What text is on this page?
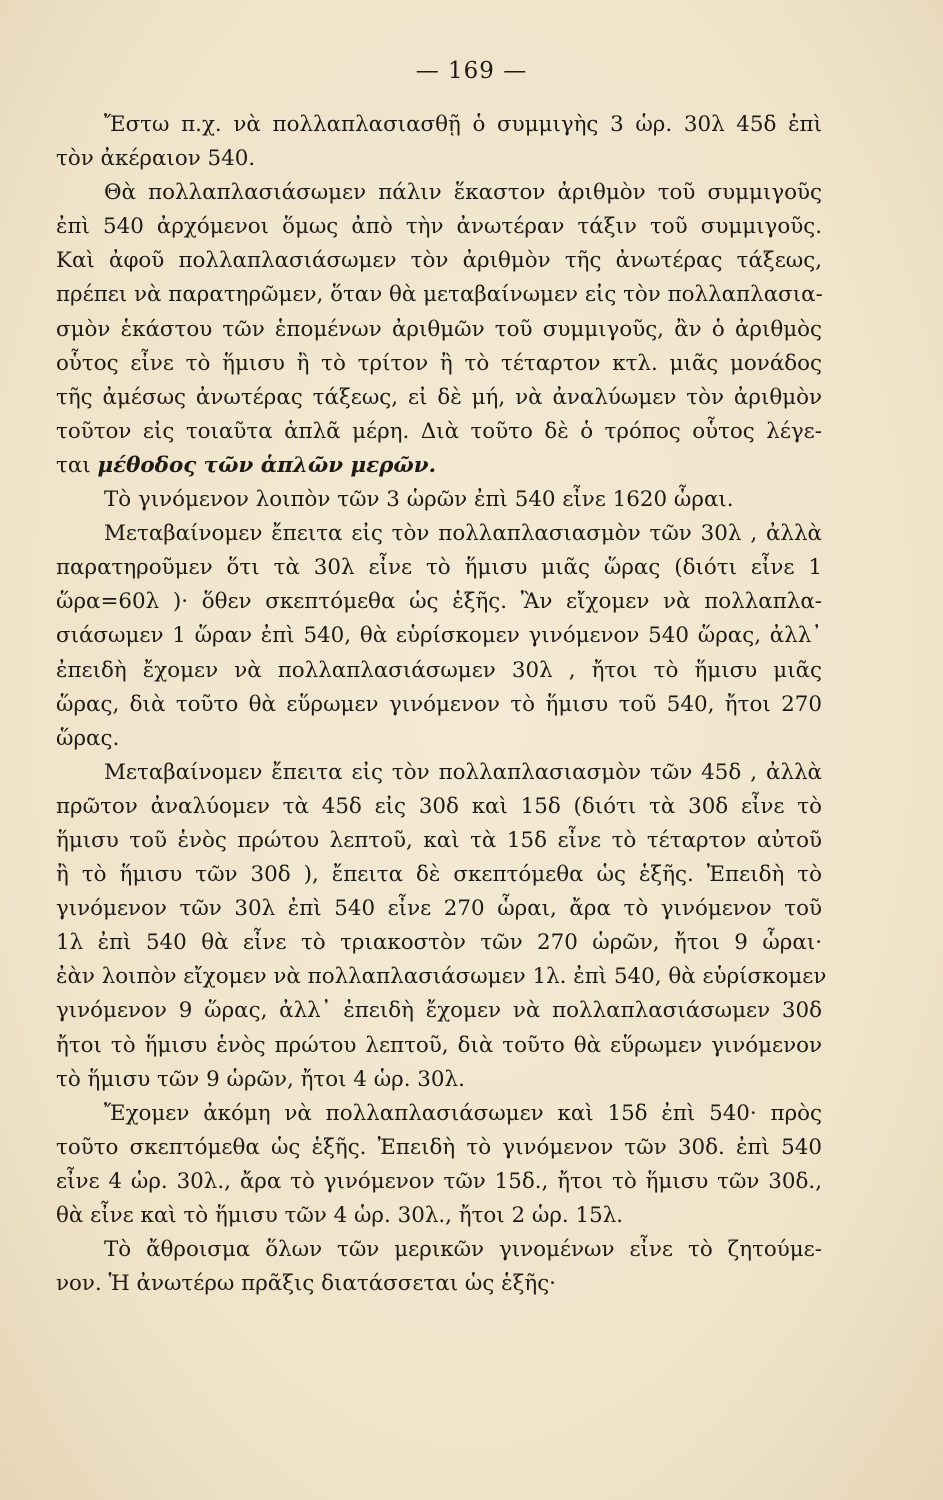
— 169 —
Ἔστω π.χ. νὰ πολλαπλασιασθῇ ὁ συμμιγὴς 3 ὡρ. 30λ 45δ ἐπὶ
τὸν ἀκέραιον 540.
Θὰ πολλαπλασιάσωμεν πάλιν ἕκαστον ἀριθμὸν τοῦ συμμιγοῦς
ἐπὶ 540 ἀρχόμενοι ὅμως ἀπὸ τὴν ἀνωτέραν τάξιν τοῦ συμμιγοῦς.
Καὶ ἀφοῦ πολλαπλασιάσωμεν τὸν ἀριθμὸν τῆς ἀνωτέρας τάξεως,
πρέπει νὰ παρατηρῶμεν, ὅταν θὰ μεταβαίνωμεν εἰς τὸν πολλαπλασια-
σμὸν ἑκάστου τῶν ἑπομένων ἀριθμῶν τοῦ συμμιγοῦς, ἂν ὁ ἀριθμὸς
οὗτος εἶνε τὸ ἥμισυ ἢ τὸ τρίτον ἢ τὸ τέταρτον κτλ. μιᾶς μονάδος
τῆς ἀμέσως ἀνωτέρας τάξεως, εἰ δὲ μή, νὰ ἀναλύωμεν τὸν ἀριθμὸν
τοῦτον εἰς τοιαῦτα ἁπλᾶ μέρη. Διὰ τοῦτο δὲ ὁ τρόπος οὗτος λέγε-
ται μέθοδος τῶν ἁπλῶν μερῶν.
Τὸ γινόμενον λοιπὸν τῶν 3 ὡρῶν ἐπὶ 540 εἶνε 1620 ὧραι.
Μεταβαίνομεν ἔπειτα εἰς τὸν πολλαπλασιασμὸν τῶν 30λ , ἀλλὰ
παρατηροῦμεν ὅτι τὰ 30λ εἶνε τὸ ἥμισυ μιᾶς ὥρας (διότι εἶνε 1
ὥρα=60λ )· ὅθεν σκεπτόμεθα ὡς ἑξῆς. Ἂν εἴχομεν νὰ πολλαπλα-
σιάσωμεν 1 ὥραν ἐπὶ 540, θὰ εὑρίσκομεν γινόμενον 540 ὥρας, ἀλλ᾽
ἐπειδὴ ἔχομεν νὰ πολλαπλασιάσωμεν 30λ , ἤτοι τὸ ἥμισυ μιᾶς
ὥρας, διὰ τοῦτο θὰ εὕρωμεν γινόμενον τὸ ἥμισυ τοῦ 540, ἤτοι 270
ὥρας.
Μεταβαίνομεν ἔπειτα εἰς τὸν πολλαπλασιασμὸν τῶν 45δ , ἀλλὰ
πρῶτον ἀναλύομεν τὰ 45δ εἰς 30δ καὶ 15δ (διότι τὰ 30δ εἶνε τὸ
ἥμισυ τοῦ ἑνὸς πρώτου λεπτοῦ, καὶ τὰ 15δ εἶνε τὸ τέταρτον αὐτοῦ
ἢ τὸ ἥμισυ τῶν 30δ ), ἔπειτα δὲ σκεπτόμεθα ὡς ἑξῆς. Ἐπειδὴ τὸ
γινόμενον τῶν 30λ ἐπὶ 540 εἶνε 270 ὧραι, ἄρα τὸ γινόμενον τοῦ
1λ ἐπὶ 540 θὰ εἶνε τὸ τριακοστὸν τῶν 270 ὡρῶν, ἤτοι 9 ὧραι·
ἐὰν λοιπὸν εἴχομεν νὰ πολλαπλασιάσωμεν 1λ. ἐπὶ 540, θὰ εὑρίσκομεν
γινόμενον 9 ὥρας, ἀλλ᾽ ἐπειδὴ ἔχομεν νὰ πολλαπλασιάσωμεν 30δ
ἤτοι τὸ ἥμισυ ἑνὸς πρώτου λεπτοῦ, διὰ τοῦτο θὰ εὕρωμεν γινόμενον
τὸ ἥμισυ τῶν 9 ὡρῶν, ἤτοι 4 ὡρ. 30λ.
Ἔχομεν ἀκόμη νὰ πολλαπλασιάσωμεν καὶ 15δ ἐπὶ 540· πρὸς
τοῦτο σκεπτόμεθα ὡς ἑξῆς. Ἐπειδὴ τὸ γινόμενον τῶν 30δ. ἐπὶ 540
εἶνε 4 ὡρ. 30λ., ἄρα τὸ γινόμενον τῶν 15δ., ἤτοι τὸ ἥμισυ τῶν 30δ.,
θὰ εἶνε καὶ τὸ ἥμισυ τῶν 4 ὡρ. 30λ., ἤτοι 2 ὡρ. 15λ.
Τὸ ἄθροισμα ὅλων τῶν μερικῶν γινομένων εἶνε τὸ ζητούμε-
νον. Ἡ ἀνωτέρω πρᾶξις διατάσσεται ὡς ἑξῆς·
